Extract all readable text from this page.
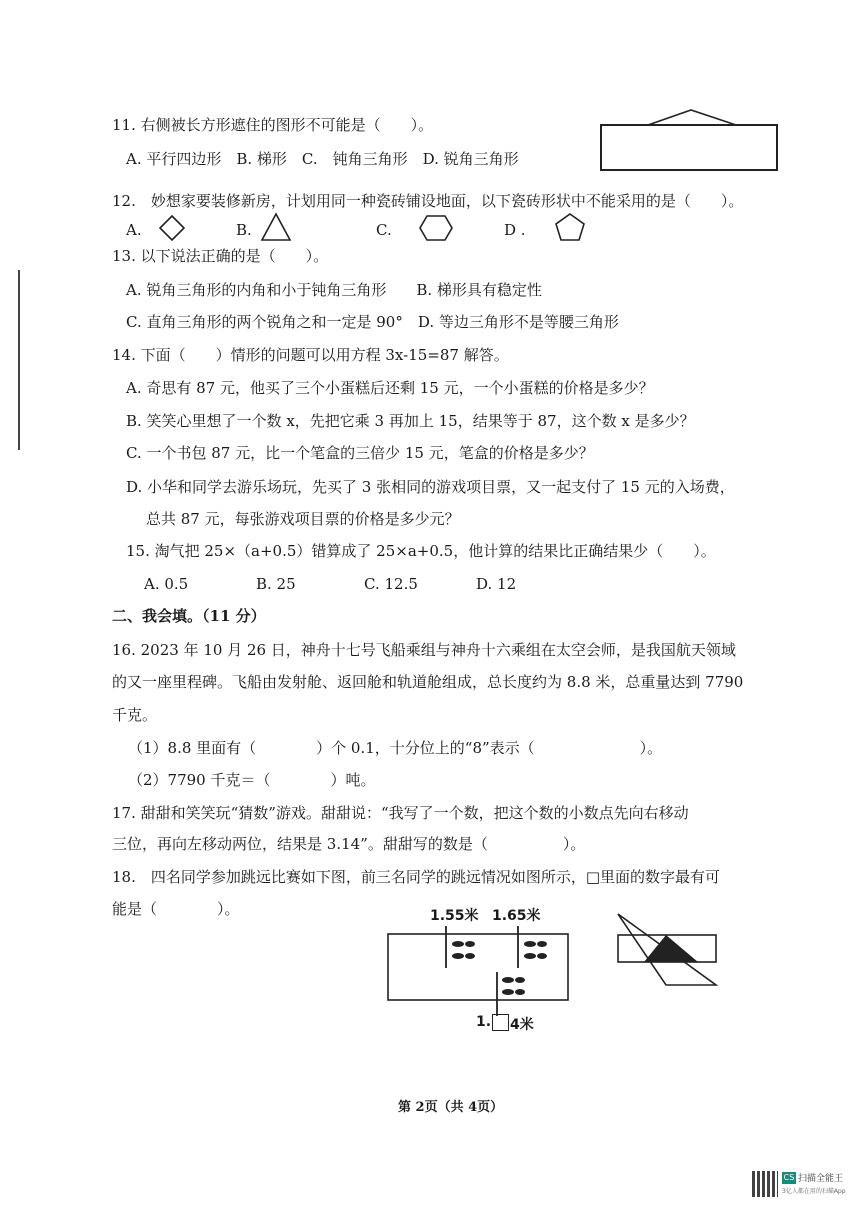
11. 右侧被长方形遮住的图形不可能是（　　）。
A. 平行四边形　B. 梯形　C.　钝角三角形　D. 锐角三角形
12.　妙想家要装修新房，计划用同一种瓷砖铺设地面，以下瓷砖形状中不能采用的是（　　）。
A.	B.	C.	D .
13. 以下说法正确的是（　　）。
A. 锐角三角形的内角和小于钝角三角形　　B. 梯形具有稳定性
C. 直角三角形的两个锐角之和一定是 90°　D. 等边三角形不是等腰三角形
14. 下面（　　）情形的问题可以用方程 3x-15=87 解答。
A. 奇思有 87 元，他买了三个小蛋糕后还剩 15 元，一个小蛋糕的价格是多少？
B. 笑笑心里想了一个数 x，先把它乘 3 再加上 15，结果等于 87，这个数 x 是多少？
C. 一个书包 87 元，比一个笔盒的三倍少 15 元，笔盒的价格是多少？
D. 小华和同学去游乐场玩，先买了 3 张相同的游戏项目票，又一起支付了 15 元的入场费，
总共 87 元，每张游戏项目票的价格是多少元？
15. 淘气把 25×（a+0.5）错算成了 25×a+0.5，他计算的结果比正确结果少（　　）。
A. 0.5	B. 25	C. 12.5	D. 12
二、我会填。（11 分）
16. 2023 年 10 月 26 日，神舟十七号飞船乘组与神舟十六乘组在太空会师，是我国航天领域
的又一座里程碑。飞船由发射舱、返回舱和轨道舱组成，总长度约为 8.8 米，总重量达到 7790
千克。
（1）8.8 里面有（　　　　）个 0.1，十分位上的“8”表示（　　　　　　　）。
（2）7790 千克＝（　　　　）吨。
17. 甜甜和笑笑玩“猜数”游戏。甜甜说：“我写了一个数，把这个数的小数点先向右移动
三位，再向左移动两位，结果是 3.14”。甜甜写的数是（　　　　　）。
18.　四名同学参加跳远比赛如下图，前三名同学的跳远情况如图所示，□里面的数字最有可
能是（　　　　）。	1.55米 1.65米
1. 4米
第 2页（共 4页）
CS 扫描全能王
3亿人都在用的扫描App
